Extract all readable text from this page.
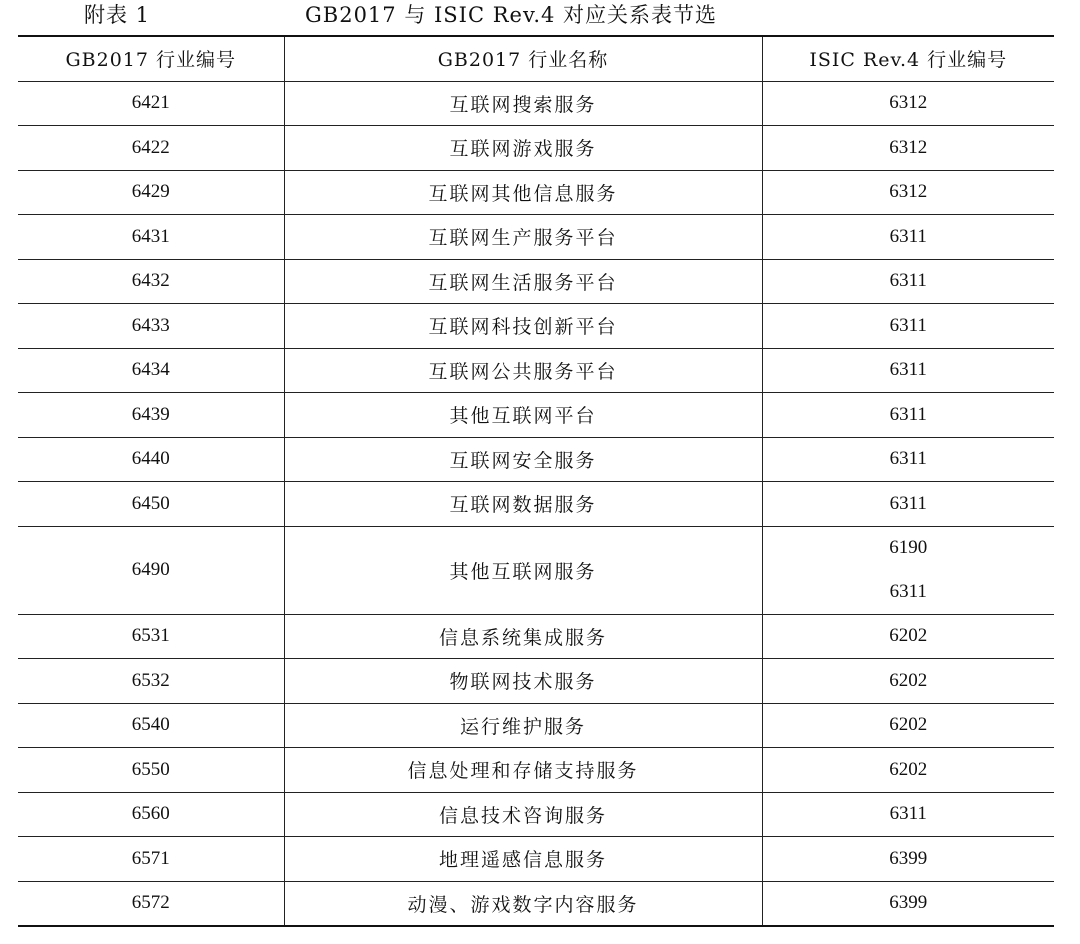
附表 1	GB2017 与 ISIC Rev.4 对应关系表节选
GB2017 行业编号	GB2017 行业名称	ISIC Rev.4 行业编号
6421	互联网搜索服务	6312
6422	互联网游戏服务	6312
6429	互联网其他信息服务	6312
6431	互联网生产服务平台	6311
6432	互联网生活服务平台	6311
6433	互联网科技创新平台	6311
6434	互联网公共服务平台	6311
6439	其他互联网平台	6311
6440	互联网安全服务	6311
6450	互联网数据服务	6311
6490	其他互联网服务	6190
		6311
6531	信息系统集成服务	6202
6532	物联网技术服务	6202
6540	运行维护服务	6202
6550	信息处理和存储支持服务	6202
6560	信息技术咨询服务	6311
6571	地理遥感信息服务	6399
6572	动漫、游戏数字内容服务	6399
